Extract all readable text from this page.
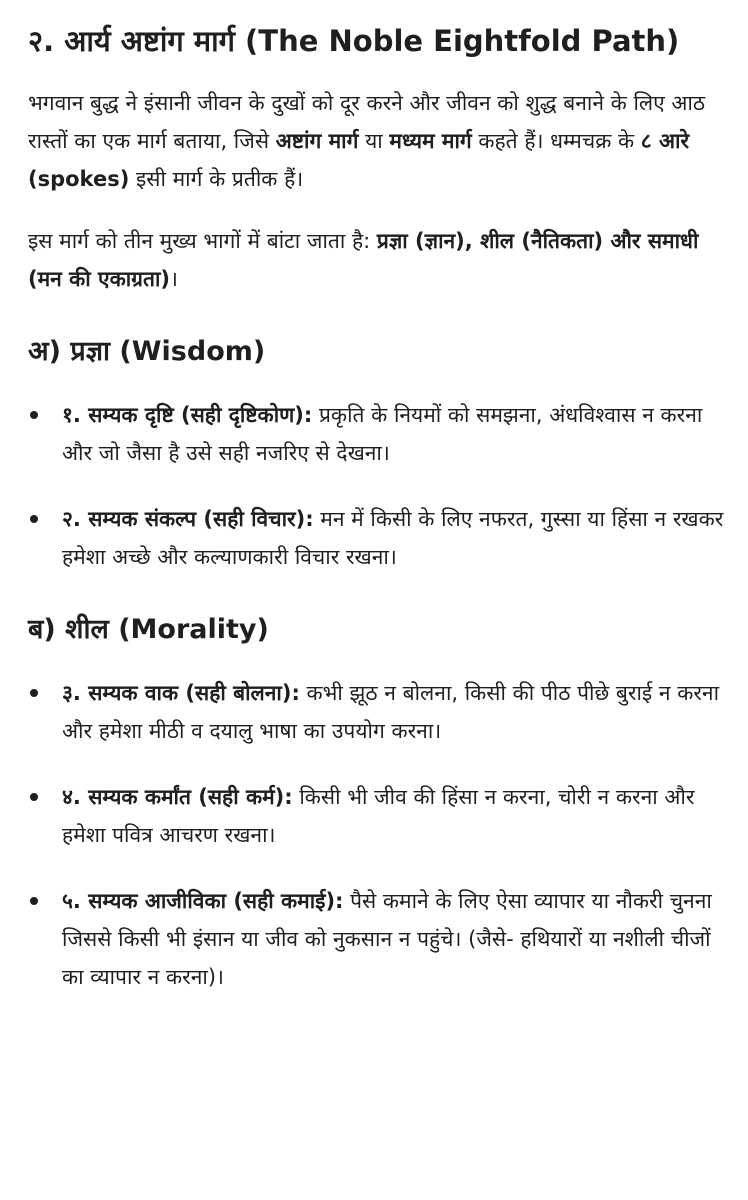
२. आर्य अष्टांग मार्ग (The Noble Eightfold Path)

भगवान बुद्ध ने इंसानी जीवन के दुखों को दूर करने और जीवन को शुद्ध बनाने के लिए आठ रास्तों का एक मार्ग बताया, जिसे अष्टांग मार्ग या मध्यम मार्ग कहते हैं। धम्मचक्र के ८ आरे (spokes) इसी मार्ग के प्रतीक हैं।

इस मार्ग को तीन मुख्य भागों में बांटा जाता है: प्रज्ञा (ज्ञान), शील (नैतिकता) और समाधी (मन की एकाग्रता)।

अ) प्रज्ञा (Wisdom)
१. सम्यक दृष्टि (सही दृष्टिकोण): प्रकृति के नियमों को समझना, अंधविश्वास न करना और जो जैसा है उसे सही नजरिए से देखना।
२. सम्यक संकल्प (सही विचार): मन में किसी के लिए नफरत, गुस्सा या हिंसा न रखकर हमेशा अच्छे और कल्याणकारी विचार रखना।
ब) शील (Morality)
३. सम्यक वाक (सही बोलना): कभी झूठ न बोलना, किसी की पीठ पीछे बुराई न करना और हमेशा मीठी व दयालु भाषा का उपयोग करना।
४. सम्यक कर्मांत (सही कर्म): किसी भी जीव की हिंसा न करना, चोरी न करना और हमेशा पवित्र आचरण रखना।
५. सम्यक आजीविका (सही कमाई): पैसे कमाने के लिए ऐसा व्यापार या नौकरी चुनना जिससे किसी भी इंसान या जीव को नुकसान न पहुंचे। (जैसे- हथियारों या नशीली चीजों का व्यापार न करना)।
